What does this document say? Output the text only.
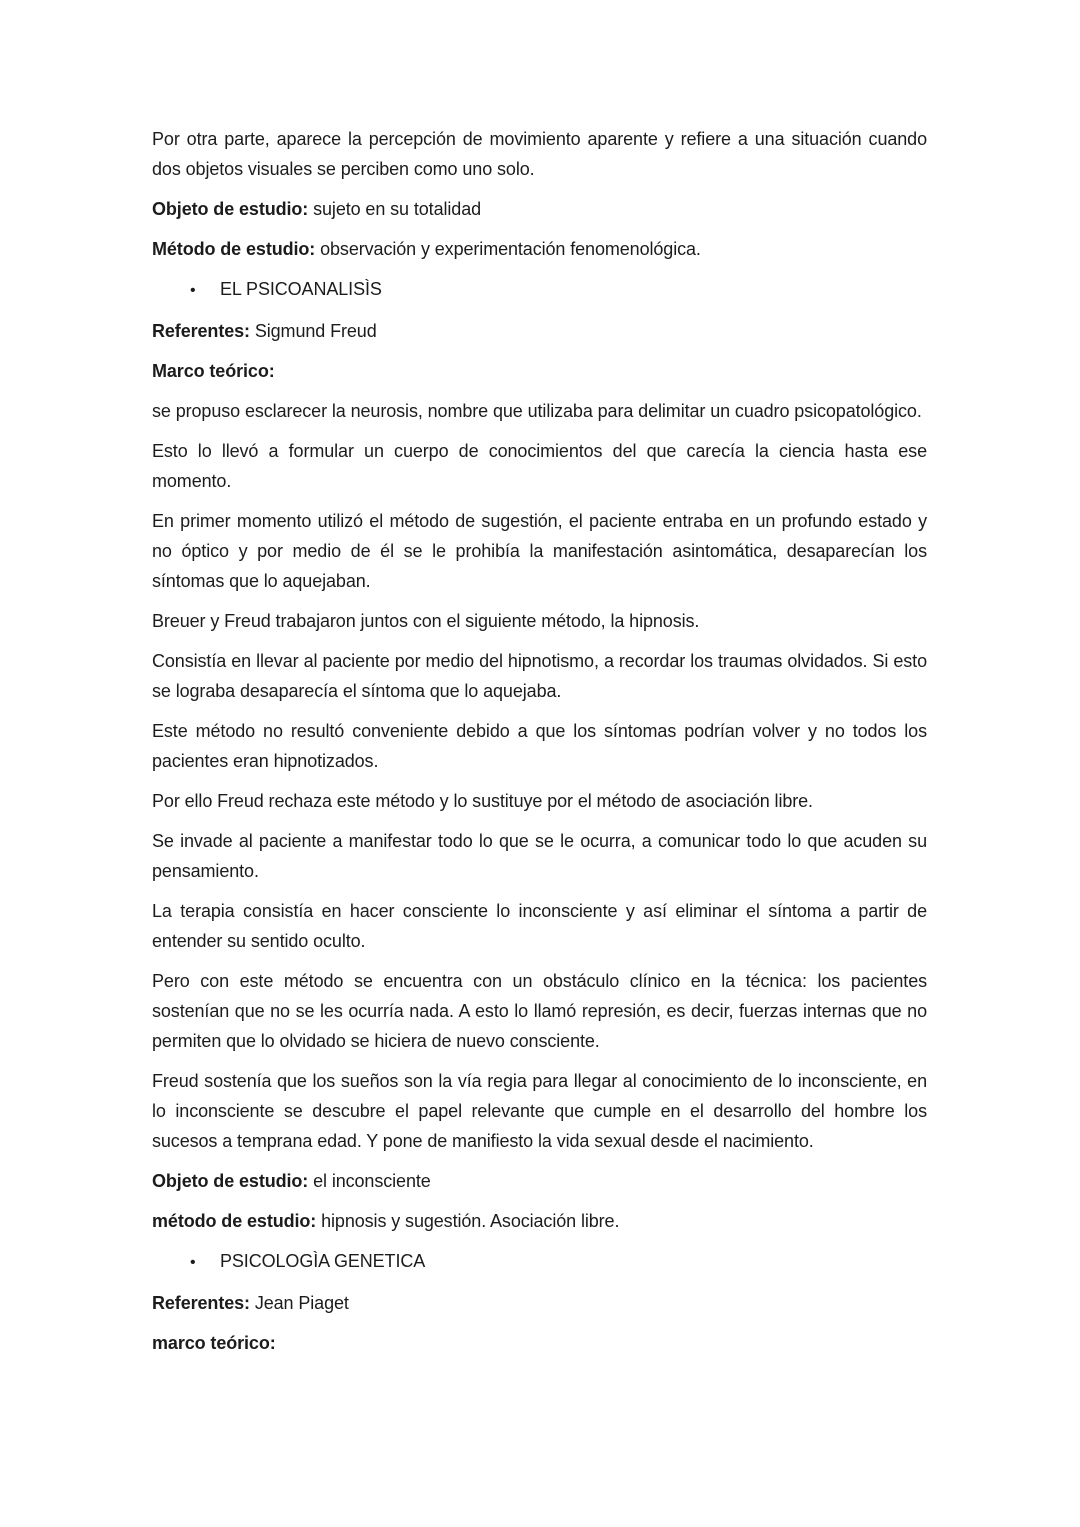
Por otra parte, aparece la percepción de movimiento aparente y refiere a una situación cuando dos objetos visuales se perciben como uno solo.

Objeto de estudio: sujeto en su totalidad

Método de estudio: observación y experimentación fenomenológica.

•	EL PSICOANALISÌS

Referentes: Sigmund Freud

Marco teórico:

se propuso esclarecer la neurosis, nombre que utilizaba para delimitar un cuadro psicopatológico.

Esto lo llevó a formular un cuerpo de conocimientos del que carecía la ciencia hasta ese momento.

En primer momento utilizó el método de sugestión, el paciente entraba en un profundo estado y no óptico y por medio de él se le prohibía la manifestación asintomática, desaparecían los síntomas que lo aquejaban.

Breuer y Freud trabajaron juntos con el siguiente método, la hipnosis.

Consistía en llevar al paciente por medio del hipnotismo, a recordar los traumas olvidados. Si esto se lograba desaparecía el síntoma que lo aquejaba.

Este método no resultó conveniente debido a que los síntomas podrían volver y no todos los pacientes eran hipnotizados.

Por ello Freud rechaza este método y lo sustituye por el método de asociación libre.

Se invade al paciente a manifestar todo lo que se le ocurra, a comunicar todo lo que acuden su pensamiento.

La terapia consistía en hacer consciente lo inconsciente y así eliminar el síntoma a partir de entender su sentido oculto.

Pero con este método se encuentra con un obstáculo clínico en la técnica: los pacientes sostenían que no se les ocurría nada. A esto lo llamó represión, es decir, fuerzas internas que no permiten que lo olvidado se hiciera de nuevo consciente.

Freud sostenía que los sueños son la vía regia para llegar al conocimiento de lo inconsciente, en lo inconsciente se descubre el papel relevante que cumple en el desarrollo del hombre los sucesos a temprana edad. Y pone de manifiesto la vida sexual desde el nacimiento.

Objeto de estudio: el inconsciente

método de estudio: hipnosis y sugestión. Asociación libre.

•	PSICOLOGÌA GENETICA

Referentes: Jean Piaget

marco teórico:
